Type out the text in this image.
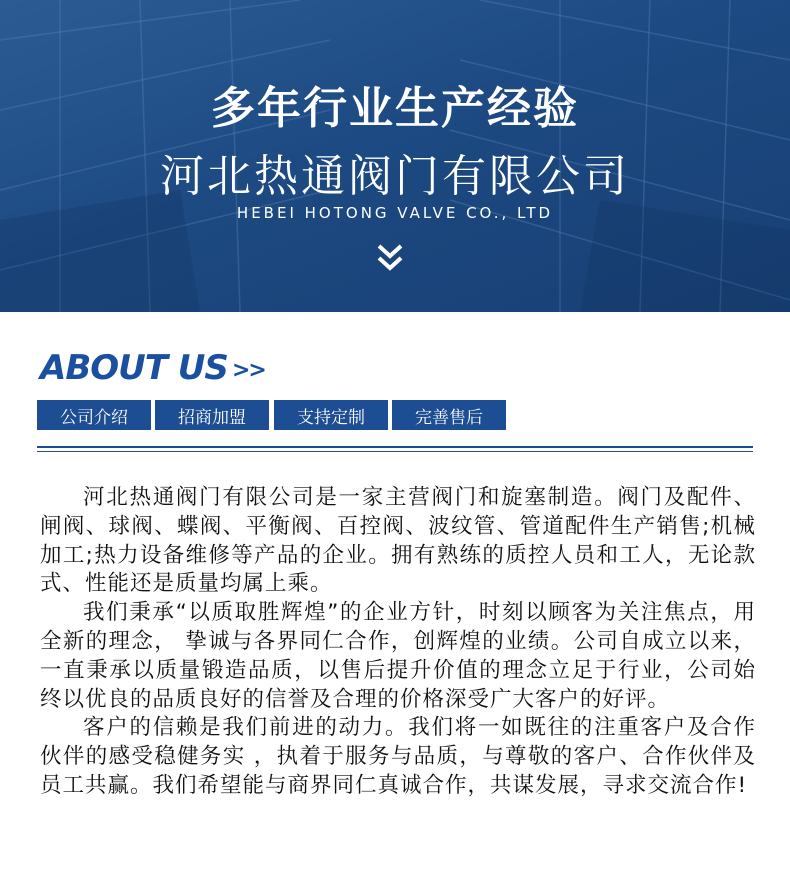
多年行业生产经验
河北热通阀门有限公司
HEBEI HOTONG VALVE CO., LTD
ABOUT US >>
公司介绍	招商加盟	支持定制	完善售后

河北热通阀门有限公司是一家主营阀门和旋塞制造。阀门及配件、闸阀、球阀、蝶阀、平衡阀、百控阀、波纹管、管道配件生产销售;机械加工;热力设备维修等产品的企业。拥有熟练的质控人员和工人，无论款式、性能还是质量均属上乘。

我们秉承“以质取胜辉煌”的企业方针，时刻以顾客为关注焦点，用全新的理念， 挚诚与各界同仁合作，创辉煌的业绩。公司自成立以来，一直秉承以质量锻造品质，以售后提升价值的理念立足于行业，公司始终以优良的品质良好的信誉及合理的价格深受广大客户的好评。

客户的信赖是我们前进的动力。我们将一如既往的注重客户及合作伙伴的感受稳健务实 ，执着于服务与品质，与尊敬的客户、合作伙伴及员工共赢。我们希望能与商界同仁真诚合作，共谋发展，寻求交流合作!
